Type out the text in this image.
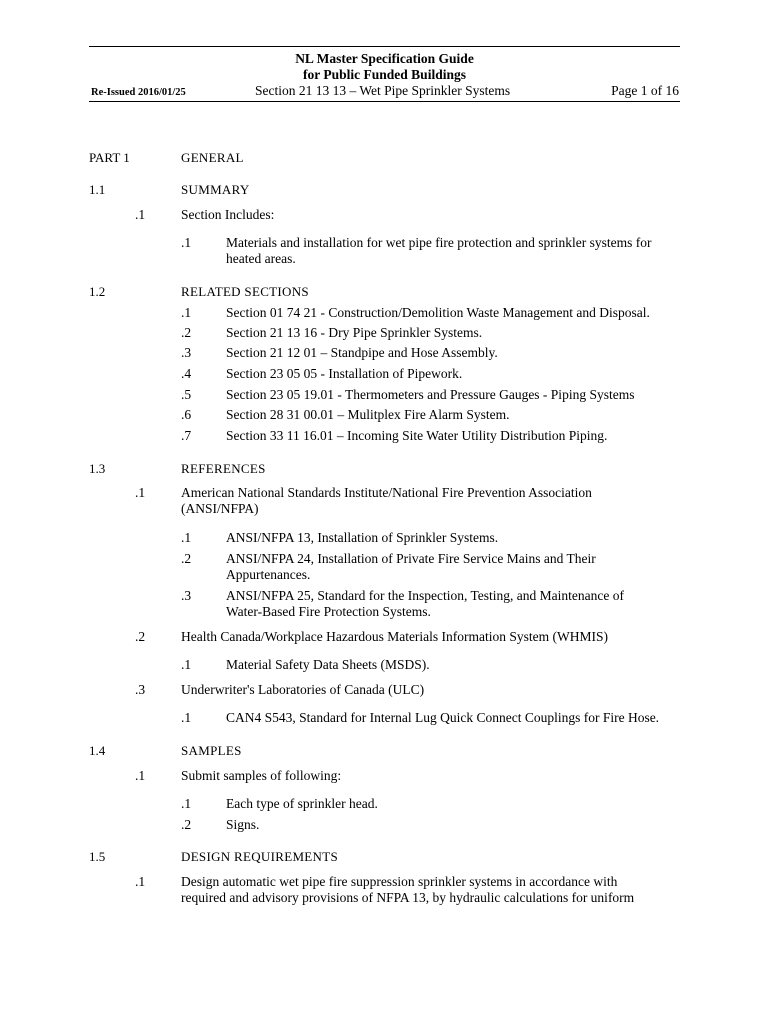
NL Master Specification Guide
for Public Funded Buildings
Re-Issued 2016/01/25	Section 21 13 13 – Wet Pipe Sprinkler Systems	Page 1 of 16
PART 1	GENERAL
1.1	SUMMARY
.1	Section Includes:
.1	Materials and installation for wet pipe fire protection and sprinkler systems for
heated areas.
1.2	RELATED SECTIONS
.1	Section 01 74 21 - Construction/Demolition Waste Management and Disposal.
.2	Section 21 13 16 - Dry Pipe Sprinkler Systems.
.3	Section 21 12 01 – Standpipe and Hose Assembly.
.4	Section 23 05 05 - Installation of Pipework.
.5	Section 23 05 19.01 - Thermometers and Pressure Gauges - Piping Systems
.6	Section 28 31 00.01 – Mulitplex Fire Alarm System.
.7	Section 33 11 16.01 – Incoming Site Water Utility Distribution Piping.
1.3	REFERENCES
.1	American National Standards Institute/National Fire Prevention Association
(ANSI/NFPA)
.1	ANSI/NFPA 13, Installation of Sprinkler Systems.
.2	ANSI/NFPA 24, Installation of Private Fire Service Mains and Their
Appurtenances.
.3	ANSI/NFPA 25, Standard for the Inspection, Testing, and Maintenance of
Water-Based Fire Protection Systems.
.2	Health Canada/Workplace Hazardous Materials Information System (WHMIS)
.1	Material Safety Data Sheets (MSDS).
.3	Underwriter's Laboratories of Canada (ULC)
.1	CAN4 S543, Standard for Internal Lug Quick Connect Couplings for Fire Hose.
1.4	SAMPLES
.1	Submit samples of following:
.1	Each type of sprinkler head.
.2	Signs.
1.5	DESIGN REQUIREMENTS
.1	Design automatic wet pipe fire suppression sprinkler systems in accordance with
required and advisory provisions of NFPA 13, by hydraulic calculations for uniform
